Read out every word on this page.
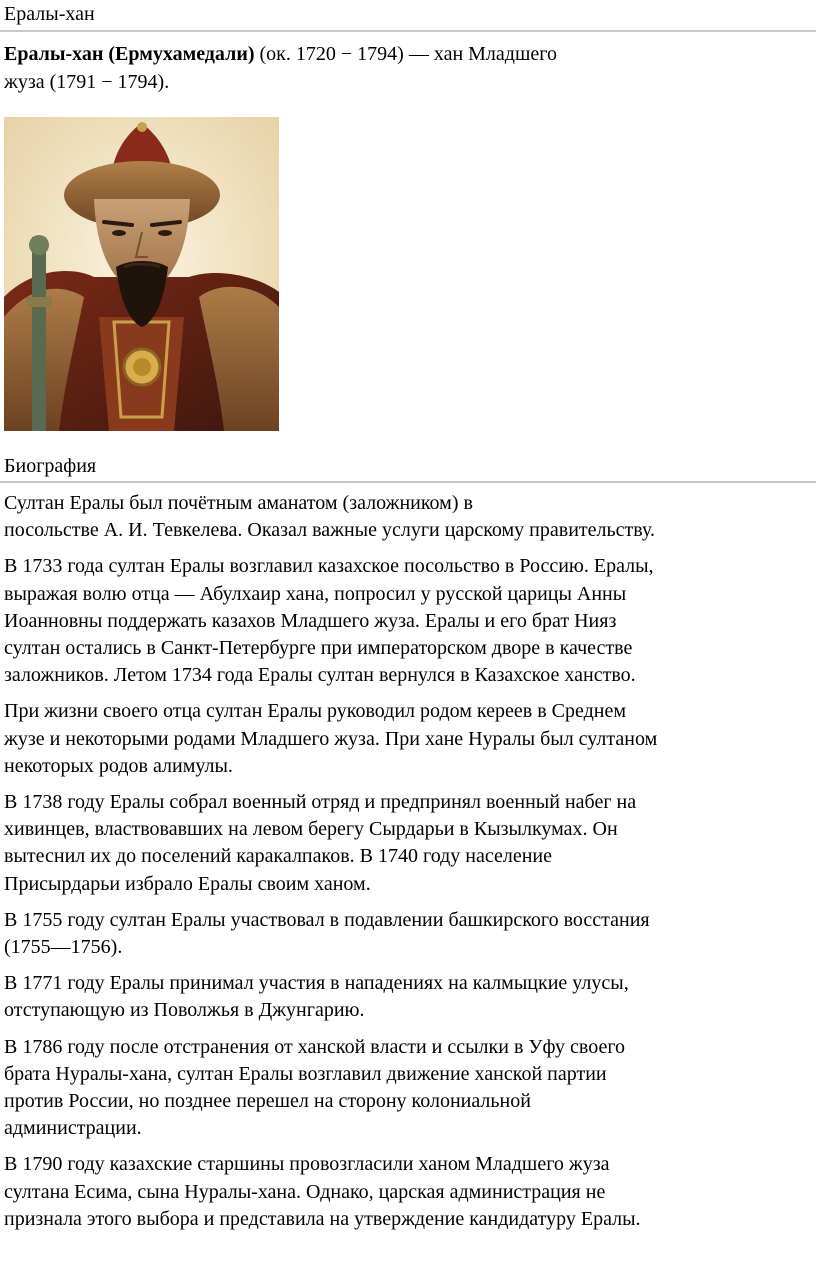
Ералы-хан
Ералы-хан (Ермухамедали) (ок. 1720 − 1794) — хан Младшего
жуза (1791 − 1794).
Биография

Султан Ералы был почётным аманатом (заложником) в
посольстве А. И. Тевкелева. Оказал важные услуги царскому правительству.

В 1733 года султан Ералы возглавил казахское посольство в Россию. Ералы,
выражая волю отца — Абулхаир хана, попросил у русской царицы Анны
Иоанновны поддержать казахов Младшего жуза. Ералы и его брат Нияз
султан остались в Санкт-Петербурге при императорском дворе в качестве
заложников. Летом 1734 года Ералы султан вернулся в Казахское ханство.

При жизни своего отца султан Ералы руководил родом кереев в Среднем
жузе и некоторыми родами Младшего жуза. При хане Нуралы был султаном
некоторых родов алимулы.

В 1738 году Ералы собрал военный отряд и предпринял военный набег на
хивинцев, властвовавших на левом берегу Сырдарьи в Кызылкумах. Он
вытеснил их до поселений каракалпаков. В 1740 году население
Присырдарьи избрало Ералы своим ханом.

В 1755 году султан Ералы участвовал в подавлении башкирского восстания
(1755—1756).

В 1771 году Ералы принимал участия в нападениях на калмыцкие улусы,
отступающую из Поволжья в Джунгарию.

В 1786 году после отстранения от ханской власти и ссылки в Уфу своего
брата Нуралы-хана, султан Ералы возглавил движение ханской партии
против России, но позднее перешел на сторону колониальной
администрации.

В 1790 году казахские старшины провозгласили ханом Младшего жуза
султана Есима, сына Нуралы-хана. Однако, царская администрация не
признала этого выбора и представила на утверждение кандидатуру Ералы.
